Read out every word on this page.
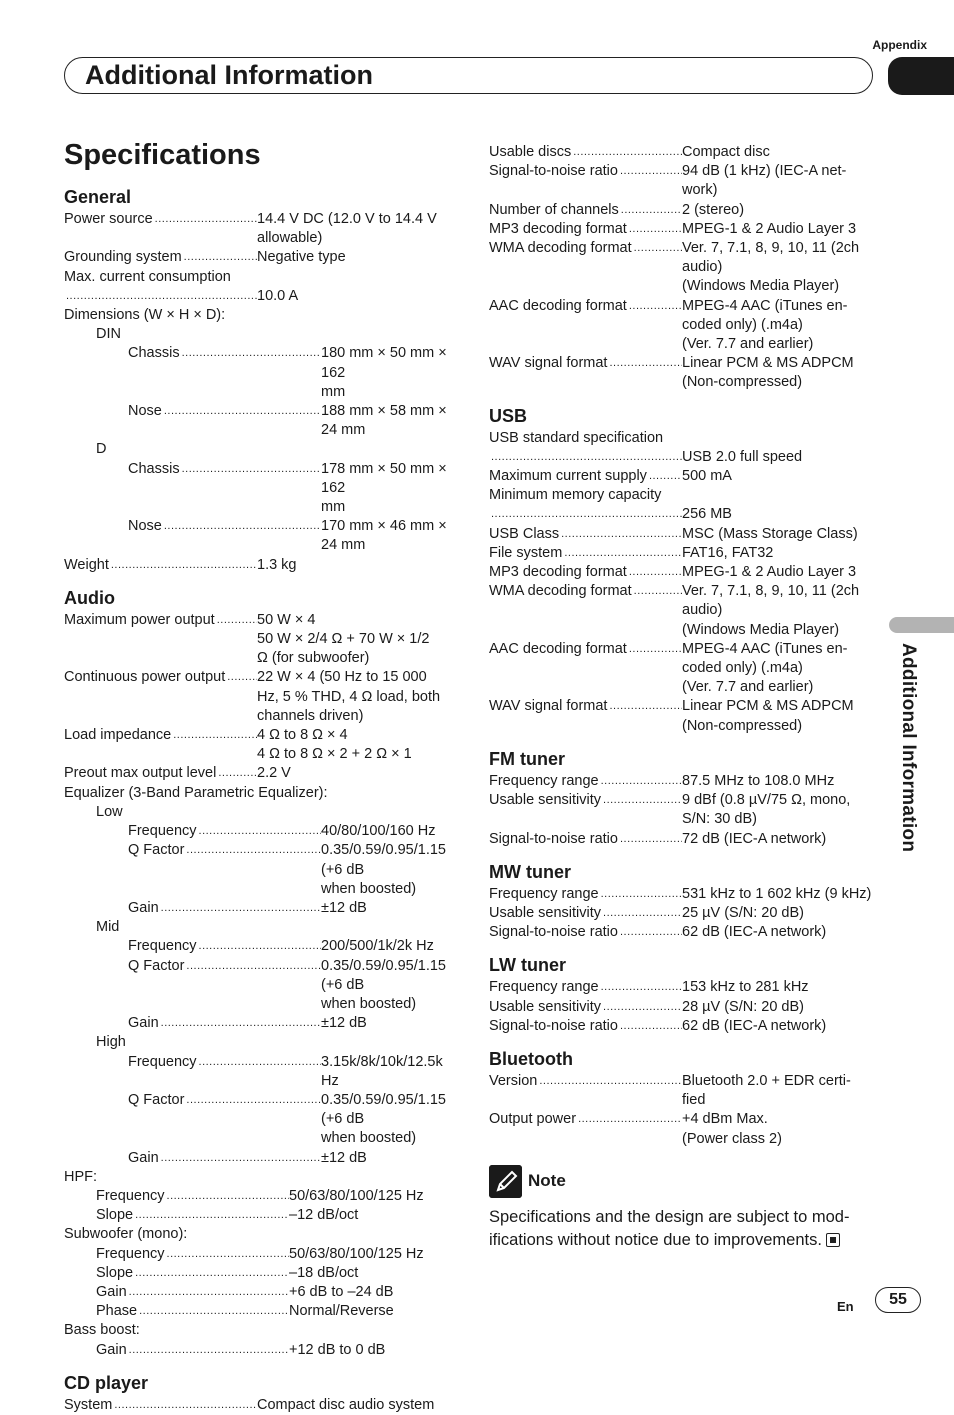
Appendix
Additional Information
Additional Information
Specifications
General
Power source .....	14.4 V DC (12.0 V to 14.4 V
allowable)
Grounding system .....	Negative type
Max. current consumption
.....
10.0 A
Dimensions (W × H × D):
DIN
Chassis .....	180 mm × 50 mm × 162
mm
Nose .....	188 mm × 58 mm × 24 mm
D
Chassis .....	178 mm × 50 mm × 162
mm
Nose .....	170 mm × 46 mm × 24 mm
Weight .....	1.3 kg
Audio
Maximum power output .....	50 W × 4
50 W × 2/4 Ω + 70 W × 1/2
Ω (for subwoofer)
Continuous power output ..... 22 W × 4 (50 Hz to 15 000
Hz, 5 % THD, 4 Ω load, both
channels driven)
Load impedance .....	4 Ω to 8 Ω × 4
4 Ω to 8 Ω × 2 + 2 Ω × 1
Preout max output level .....	2.2 V
Equalizer (3-Band Parametric Equalizer):
Low
Frequency .....	40/80/100/160 Hz
Q Factor .....	0.35/0.59/0.95/1.15 (+6 dB
when boosted)
Gain .....	±12 dB
Mid
Frequency .....	200/500/1k/2k Hz
Q Factor .....	0.35/0.59/0.95/1.15 (+6 dB
when boosted)
Gain .....	±12 dB
High
Frequency .....	3.15k/8k/10k/12.5k Hz
Q Factor .....	0.35/0.59/0.95/1.15 (+6 dB
when boosted)
Gain .....	±12 dB
HPF:
Frequency .....	50/63/80/100/125 Hz
Slope .....	–12 dB/oct
Subwoofer (mono):
Frequency .....	50/63/80/100/125 Hz
Slope .....	–18 dB/oct
Gain .....	+6 dB to –24 dB
Phase .....	Normal/Reverse
Bass boost:
Gain .....	+12 dB to 0 dB
CD player
System .....	Compact disc audio system
Usable discs .....	Compact disc
Signal-to-noise ratio .....	94 dB (1 kHz) (IEC-A net-
work)
Number of channels .....	2 (stereo)
MP3 decoding format .....	MPEG-1 & 2 Audio Layer 3
WMA decoding format .....	Ver. 7, 7.1, 8, 9, 10, 11 (2ch
audio)
(Windows Media Player)
AAC decoding format .....	MPEG-4 AAC (iTunes en-
coded only) (.m4a)
(Ver. 7.7 and earlier)
WAV signal format .....	Linear PCM & MS ADPCM
(Non-compressed)
USB
USB standard specification
.....
USB 2.0 full speed
Maximum current supply ..... 500 mA
Minimum memory capacity
.....
256 MB
USB Class .....	MSC (Mass Storage Class)
File system .....	FAT16, FAT32
MP3 decoding format .....	MPEG-1 & 2 Audio Layer 3
WMA decoding format .....	Ver. 7, 7.1, 8, 9, 10, 11 (2ch
audio)
(Windows Media Player)
AAC decoding format .....	MPEG-4 AAC (iTunes en-
coded only) (.m4a)
(Ver. 7.7 and earlier)
WAV signal format .....	Linear PCM & MS ADPCM
(Non-compressed)
FM tuner
Frequency range .....	87.5 MHz to 108.0 MHz
Usable sensitivity .....	9 dBf (0.8 µV/75 Ω, mono,
S/N: 30 dB)
Signal-to-noise ratio .....	72 dB (IEC-A network)
MW tuner
Frequency range .....	531 kHz to 1 602 kHz (9 kHz)
Usable sensitivity .....	25 µV (S/N: 20 dB)
Signal-to-noise ratio .....	62 dB (IEC-A network)
LW tuner
Frequency range .....	153 kHz to 281 kHz
Usable sensitivity .....	28 µV (S/N: 20 dB)
Signal-to-noise ratio .....	62 dB (IEC-A network)
Bluetooth
Version .....	Bluetooth 2.0 + EDR certi-
fied
Output power .....	+4 dBm Max.
(Power class 2)
Note
Specifications and the design are subject to mod-ifications without notice due to improvements.
En	55
